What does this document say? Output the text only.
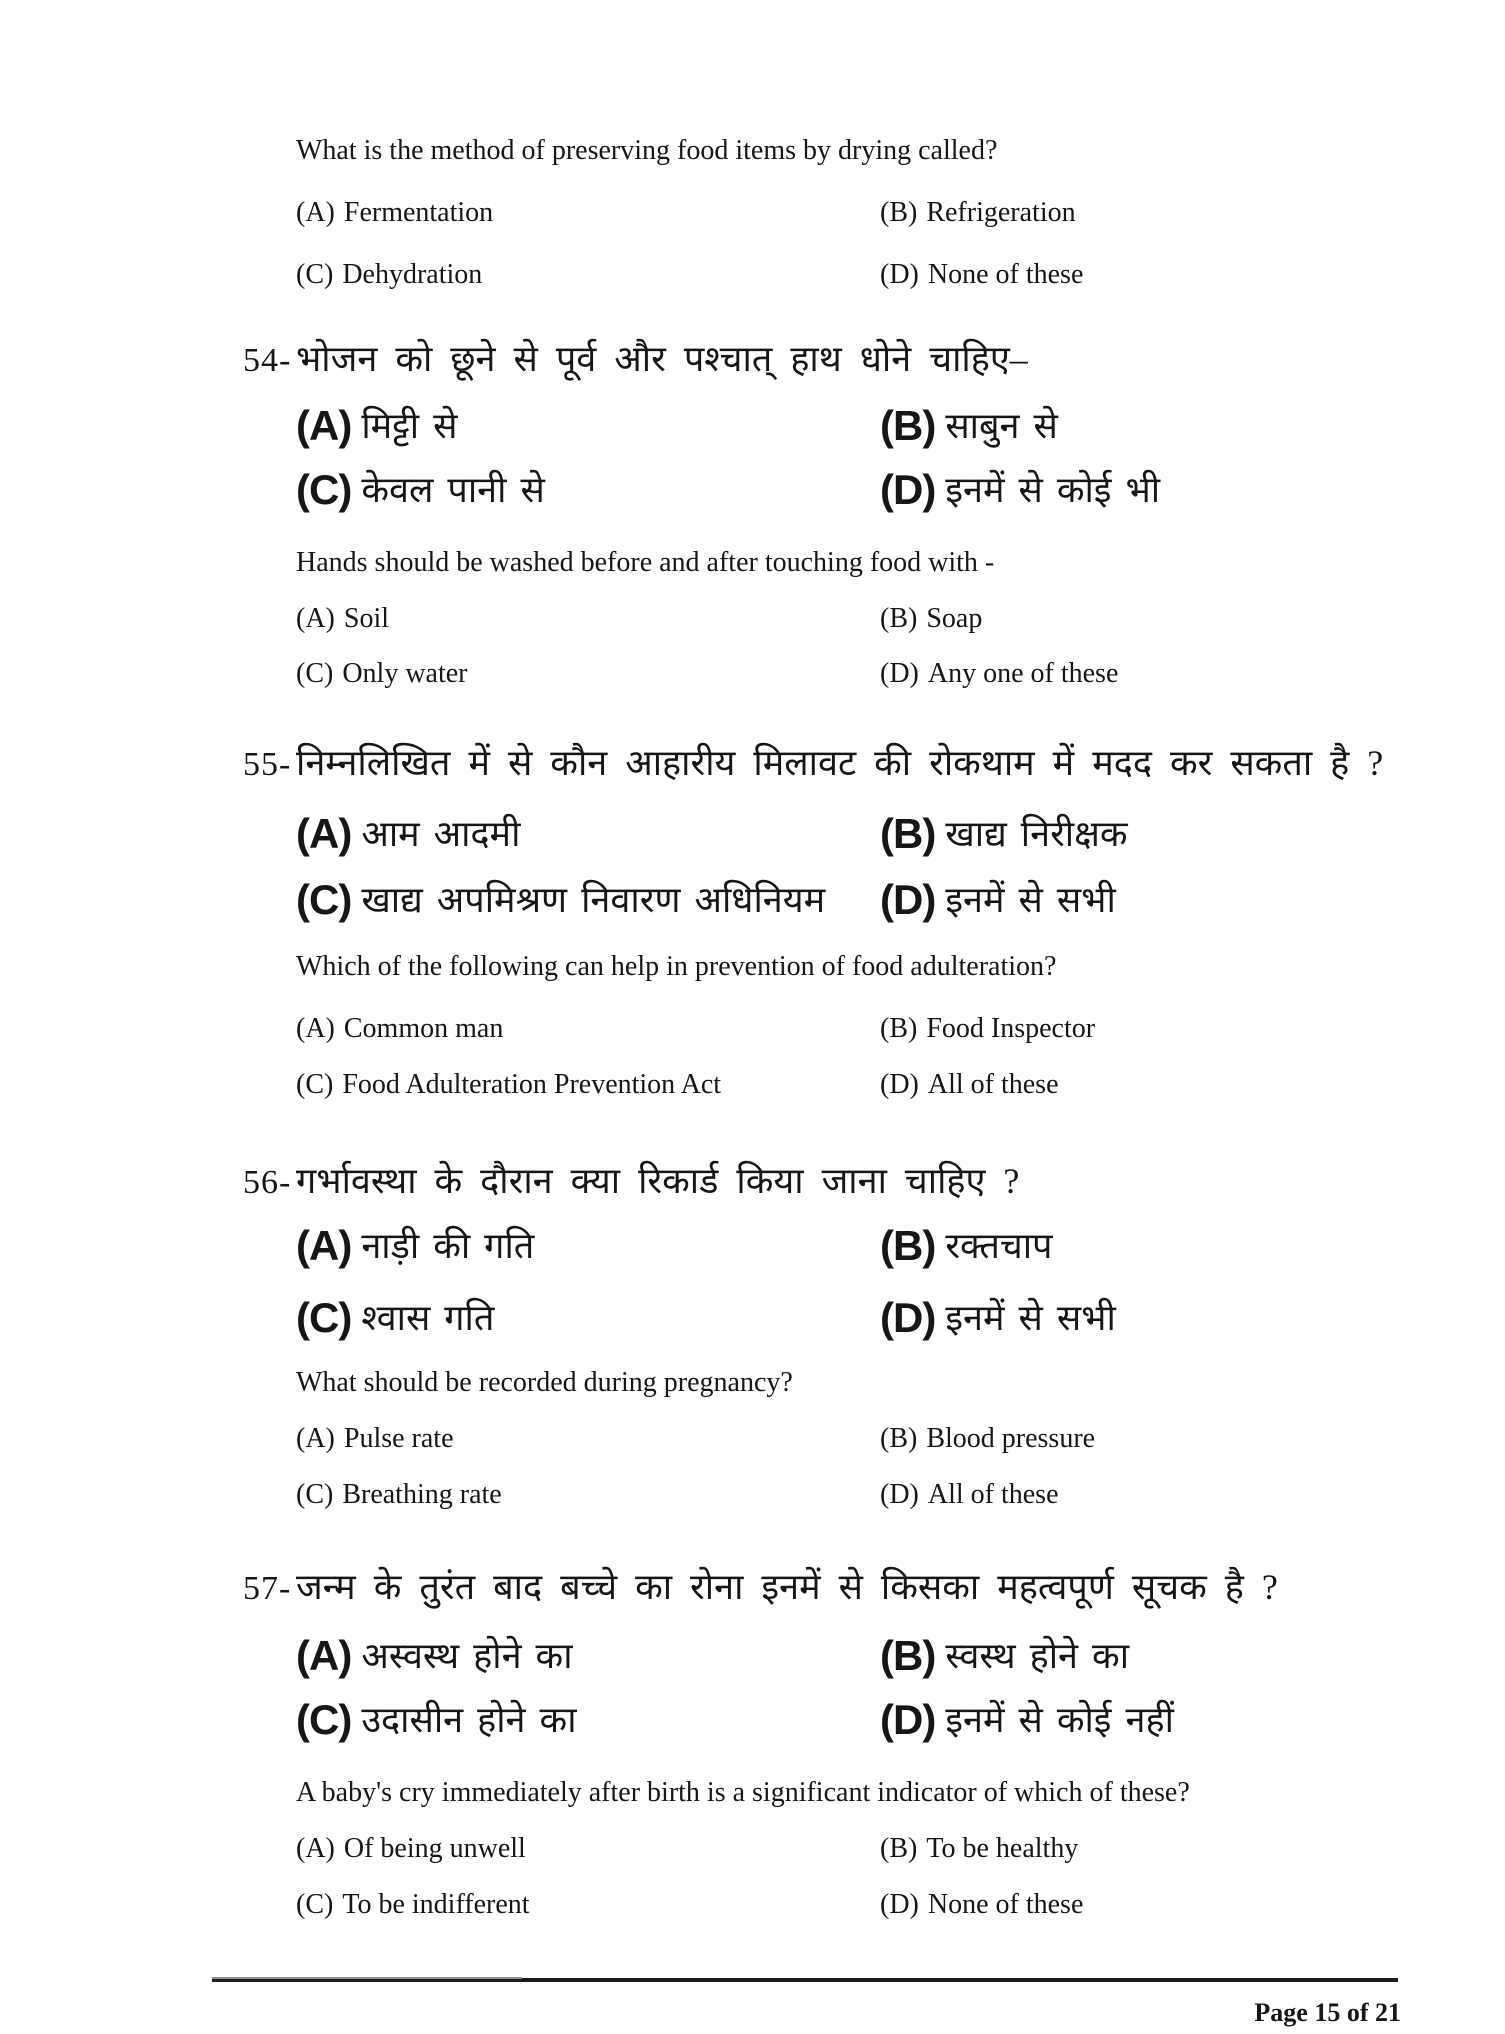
What is the method of preserving food items by drying called?
(A) Fermentation	(B) Refrigeration
(C) Dehydration	(D) None of these
54- भोजन को छूने से पूर्व और पश्चात् हाथ धोने चाहिए–
(A) मिट्टी से	(B) साबुन से
(C) केवल पानी से	(D) इनमें से कोई भी
Hands should be washed before and after touching food with -
(A) Soil	(B) Soap
(C) Only water	(D) Any one of these
55- निम्नलिखित में से कौन आहारीय मिलावट की रोकथाम में मदद कर सकता है ?
(A) आम आदमी	(B) खाद्य निरीक्षक
(C) खाद्य अपमिश्रण निवारण अधिनियम	(D) इनमें से सभी
Which of the following can help in prevention of food adulteration?
(A) Common man	(B) Food Inspector
(C) Food Adulteration Prevention Act	(D) All of these
56- गर्भावस्था के दौरान क्या रिकार्ड किया जाना चाहिए ?
(A) नाड़ी की गति	(B) रक्तचाप
(C) श्वास गति	(D) इनमें से सभी
What should be recorded during pregnancy?
(A) Pulse rate	(B) Blood pressure
(C) Breathing rate	(D) All of these
57- जन्म के तुरंत बाद बच्चे का रोना इनमें से किसका महत्वपूर्ण सूचक है ?
(A) अस्वस्थ होने का	(B) स्वस्थ होने का
(C) उदासीन होने का	(D) इनमें से कोई नहीं
A baby's cry immediately after birth is a significant indicator of which of these?
(A) Of being unwell	(B) To be healthy
(C) To be indifferent	(D) None of these
Page 15 of 21
